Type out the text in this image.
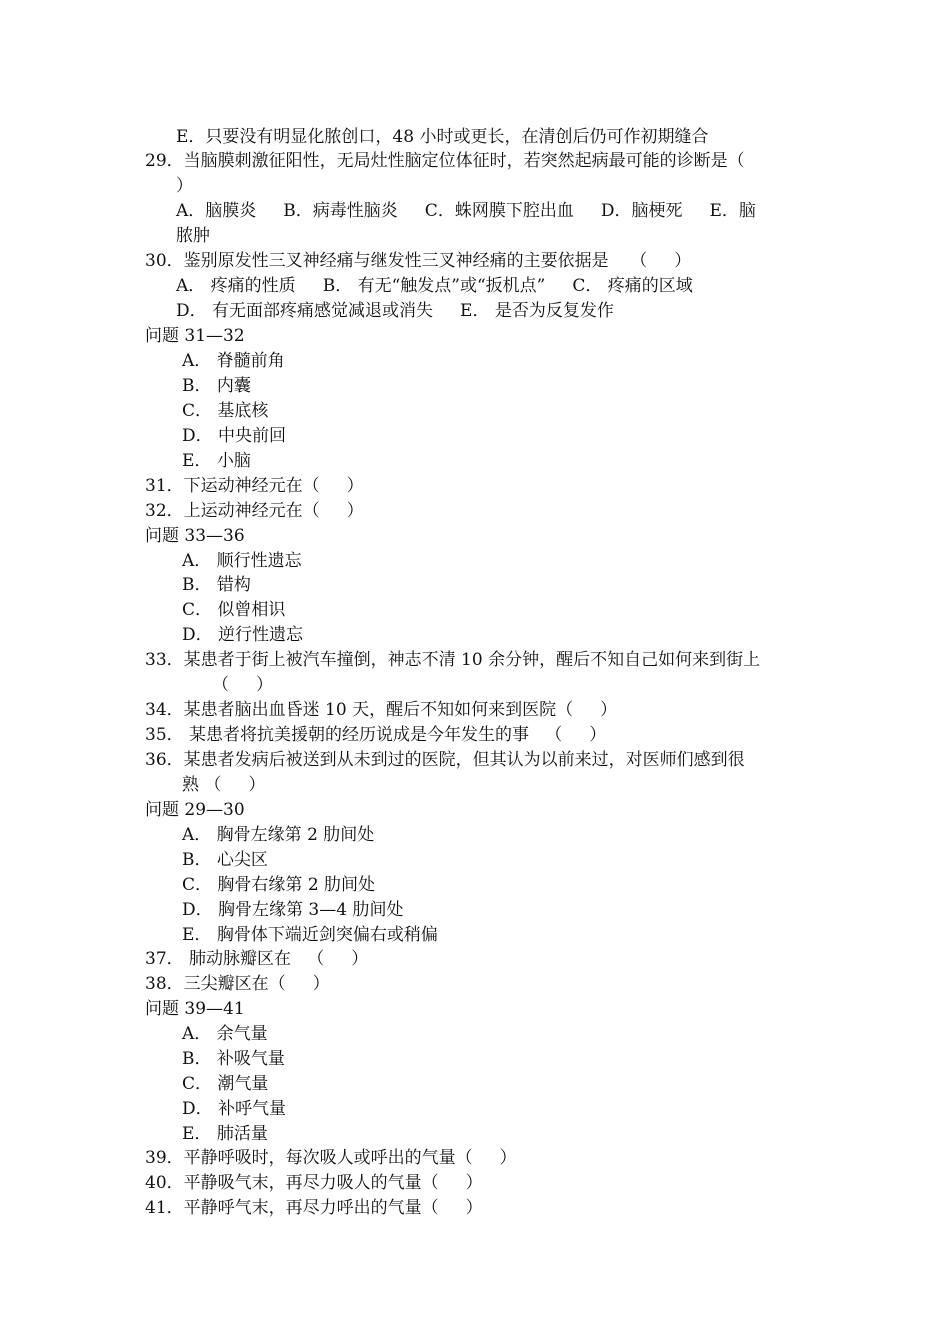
E．只要没有明显化脓创口，48 小时或更长，在清创后仍可作初期缝合
29．当脑膜刺激征阳性，无局灶性脑定位体征时，若突然起病最可能的诊断是（
）
A．脑膜炎     B．病毒性脑炎     C．蛛网膜下腔出血     D．脑梗死     E．脑
脓肿
30．鉴别原发性三叉神经痛与继发性三叉神经痛的主要依据是    （     ）
A． 疼痛的性质     B． 有无“触发点”或“扳机点”     C． 疼痛的区域
D． 有无面部疼痛感觉减退或消失     E． 是否为反复发作
问题 31—32
A． 脊髓前角
B． 内囊
C． 基底核
D． 中央前回
E． 小脑
31．下运动神经元在（     ）
32．上运动神经元在（     ）
问题 33—36
A． 顺行性遗忘
B． 错构
C． 似曾相识
D． 逆行性遗忘
33．某患者于街上被汽车撞倒，神志不清 10 余分钟，醒后不知自己如何来到街上
（     ）
34．某患者脑出血昏迷 10 天，醒后不知如何来到医院（     ）
35． 某患者将抗美援朝的经历说成是今年发生的事   （     ）
36．某患者发病后被送到从未到过的医院，但其认为以前来过，对医师们感到很
熟 （     ）
问题 29—30
A． 胸骨左缘第 2 肋间处
B． 心尖区
C． 胸骨右缘第 2 肋间处
D． 胸骨左缘第 3—4 肋间处
E． 胸骨体下端近剑突偏右或稍偏
37． 肺动脉瓣区在   （     ）
38．三尖瓣区在（     ）
问题 39—41
A． 余气量
B． 补吸气量
C． 潮气量
D． 补呼气量
E． 肺活量
39．平静呼吸时，每次吸人或呼出的气量（     ）
40．平静吸气末，再尽力吸人的气量（     ）
41．平静呼气末，再尽力呼出的气量（     ）
